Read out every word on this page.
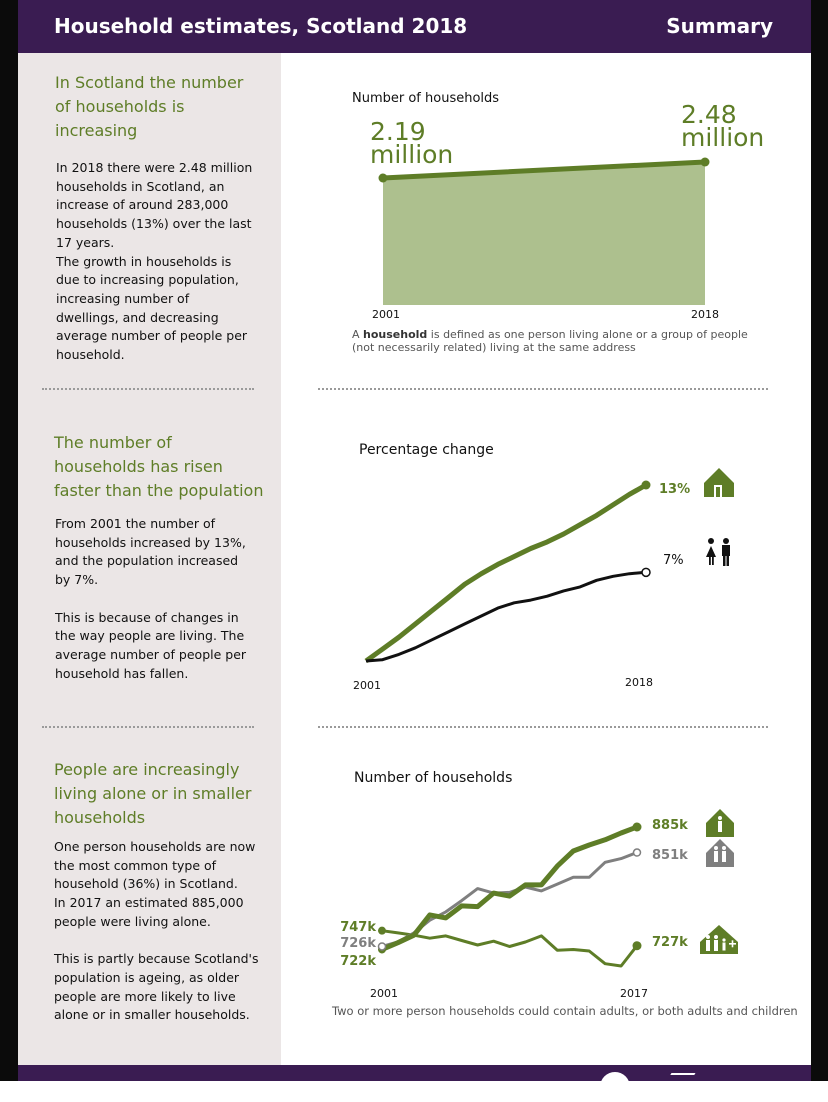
Household estimates, Scotland 2018	Summary
In Scotland the number
of households is
increasing
In 2018 there were 2.48 million
households in Scotland, an
increase of around 283,000
households (13%) over the last
17 years.
The growth in households is
due to increasing population,
increasing number of
dwellings, and decreasing
average number of people per
household.
The number of
households has risen
faster than the population
From 2001 the number of
households increased by 13%,
and the population increased
by 7%.
This is because of changes in
the way people are living. The
average number of people per
household has fallen.
People are increasingly
living alone or in smaller
households
One person households are now
the most common type of
household (36%) in Scotland.
In 2017 an estimated 885,000
people were living alone.
This is partly because Scotland's
population is ageing, as older
people are more likely to live
alone or in smaller households.
Number of households
2.19
million
2.48
million
2001	2018
A household is defined as one person living alone or a group of people
(not necessarily related) living at the same address
Percentage change
13%
7%
2001	2018
Number of households
885k
851k
727k
747k
726k
722k
2001	2017
Two or more person households could contain adults, or both adults and children
